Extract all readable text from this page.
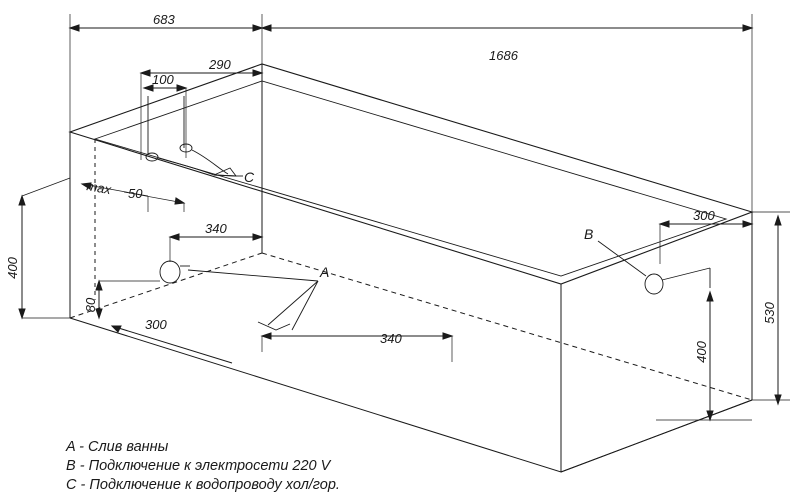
683
1686
290
100
max 50
400
340
80
300
340
300
530
400
C
A
B
A - Слив ванны
B - Подключение к электросети 220 V
C - Подключение к водопроводу хол/гор.
